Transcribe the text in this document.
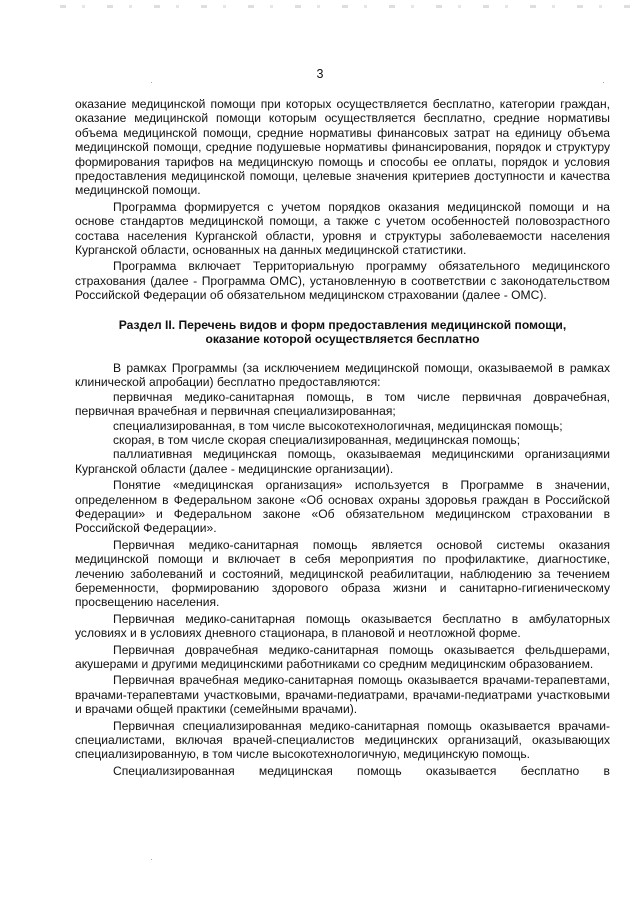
·	·
·
3

оказание медицинской помощи при которых осуществляется бесплатно, категории граждан, оказание медицинской помощи которым осуществляется бесплатно, средние нормативы объема медицинской помощи, средние нормативы финансовых затрат на единицу объема медицинской помощи, средние подушевые нормативы финансирования, порядок и структуру формирования тарифов на медицинскую помощь и способы ее оплаты, порядок и условия предоставления медицинской помощи, целевые значения критериев доступности и качества медицинской помощи.

Программа формируется с учетом порядков оказания медицинской помощи и на основе стандартов медицинской помощи, а также с учетом особенностей половозрастного состава населения Курганской области, уровня и структуры заболеваемости населения Курганской области, основанных на данных медицинской статистики.

Программа включает Территориальную программу обязательного медицинского страхования (далее - Программа ОМС), установленную в соответствии с законодательством Российской Федерации об обязательном медицинском страховании (далее - ОМС).

Раздел II. Перечень видов и форм предоставления медицинской помощи,
оказание которой осуществляется бесплатно

В рамках Программы (за исключением медицинской помощи, оказываемой в рамках клинической апробации) бесплатно предоставляются:

первичная медико-санитарная помощь, в том числе первичная доврачебная, первичная врачебная и первичная специализированная;

специализированная, в том числе высокотехнологичная, медицинская помощь;

скорая, в том числе скорая специализированная, медицинская помощь;

паллиативная медицинская помощь, оказываемая медицинскими организациями Курганской области (далее - медицинские организации).

Понятие «медицинская организация» используется в Программе в значении, определенном в Федеральном законе «Об основах охраны здоровья граждан в Российской Федерации» и Федеральном законе «Об обязательном медицинском страховании в Российской Федерации».

Первичная медико-санитарная помощь является основой системы оказания медицинской помощи и включает в себя мероприятия по профилактике, диагностике, лечению заболеваний и состояний, медицинской реабилитации, наблюдению за течением беременности, формированию здорового образа жизни и санитарно-гигиеническому просвещению населения.

Первичная медико-санитарная помощь оказывается бесплатно в амбулаторных условиях и в условиях дневного стационара, в плановой и неотложной форме.

Первичная доврачебная медико-санитарная помощь оказывается фельдшерами, акушерами и другими медицинскими работниками со средним медицинским образованием.

Первичная врачебная медико-санитарная помощь оказывается врачами-терапевтами, врачами-терапевтами участковыми, врачами-педиатрами, врачами-педиатрами участковыми и врачами общей практики (семейными врачами).

Первичная специализированная медико-санитарная помощь оказывается врачами-специалистами, включая врачей-специалистов медицинских организаций, оказывающих специализированную, в том числе высокотехнологичную, медицинскую помощь.

Специализированная медицинская помощь оказывается бесплатно в
